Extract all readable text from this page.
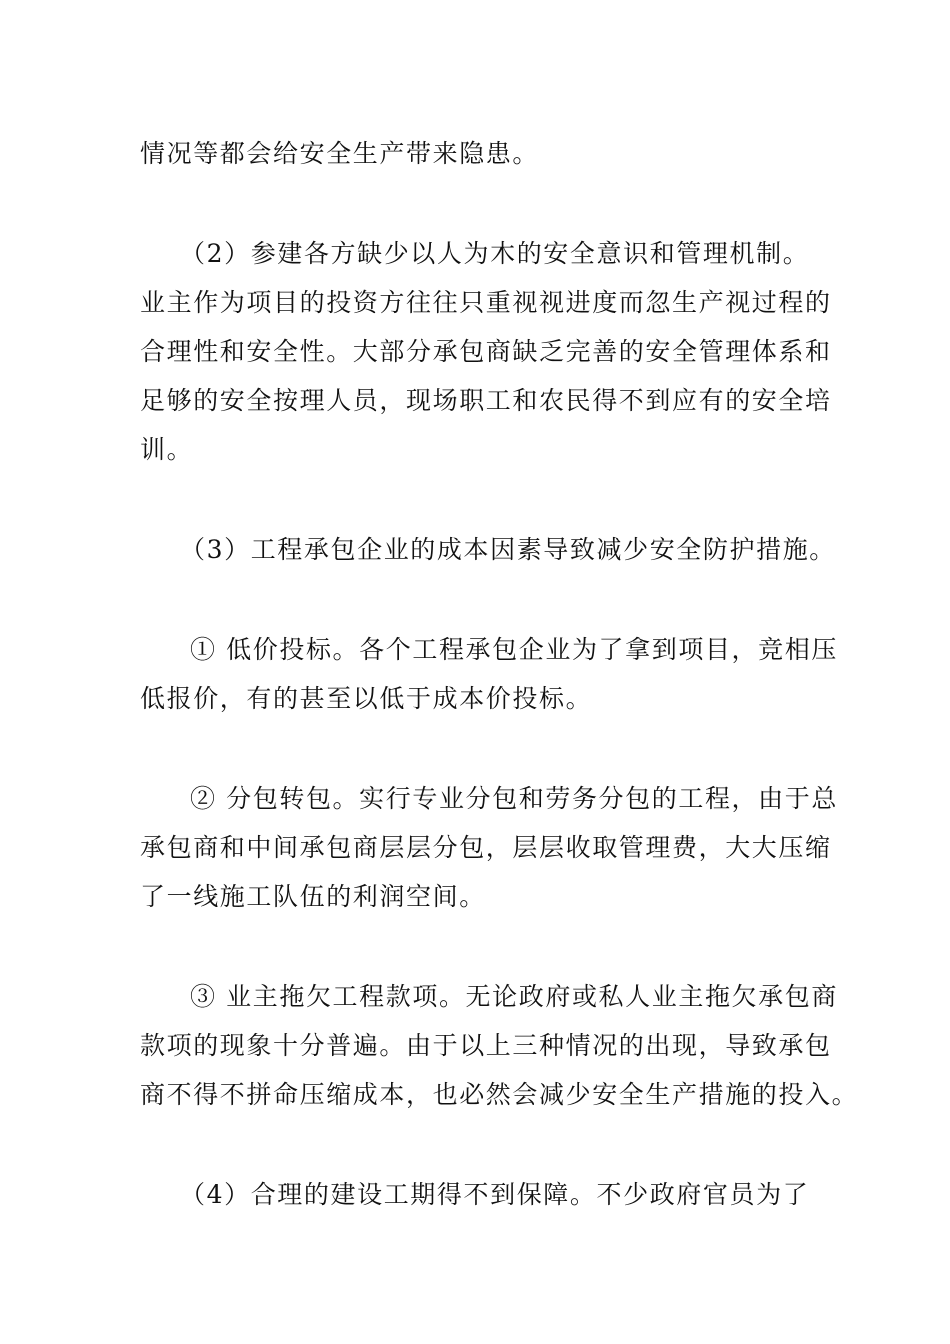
情况等都会给安全生产带来隐患。
（2）参建各方缺少以人为木的安全意识和管理机制。
业主作为项目的投资方往往只重视视进度而忽生产视过程的
合理性和安全性。大部分承包商缺乏完善的安全管理体系和
足够的安全按理人员，现场职工和农民得不到应有的安全培
训。
（3）工程承包企业的成本因素导致减少安全防护措施。
① 低价投标。各个工程承包企业为了拿到项目，竞相压
低报价，有的甚至以低于成本价投标。
② 分包转包。实行专业分包和劳务分包的工程，由于总
承包商和中间承包商层层分包，层层收取管理费，大大压缩
了一线施工队伍的利润空间。
③ 业主拖欠工程款项。无论政府或私人业主拖欠承包商
款项的现象十分普遍。由于以上三种情况的出现，导致承包
商不得不拼命压缩成本，也必然会减少安全生产措施的投入。
（4）合理的建设工期得不到保障。不少政府官员为了
